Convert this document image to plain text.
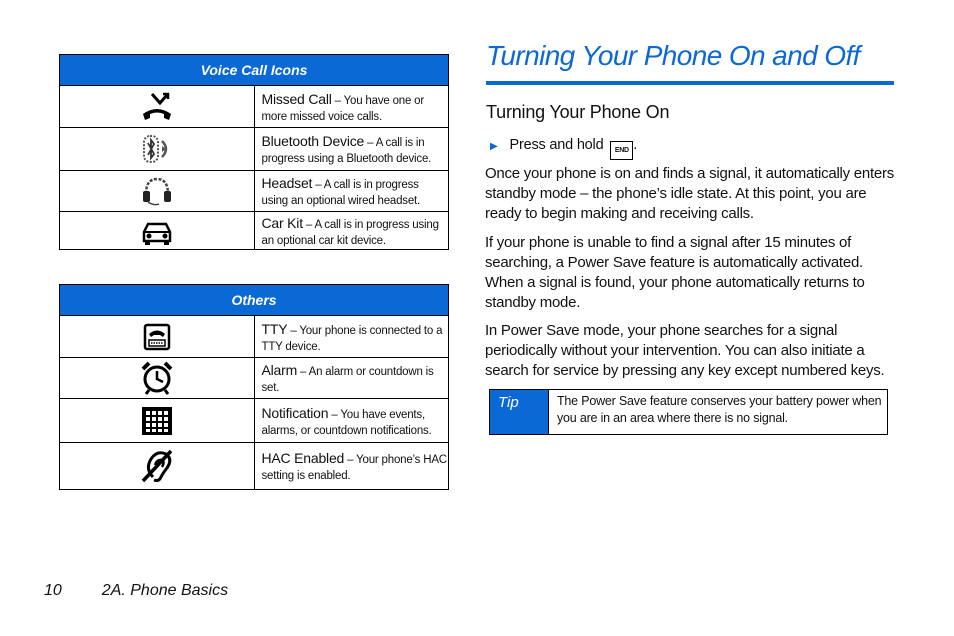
Voice Call Icons	

	Missed Call – You have one or more missed voice calls.

	Bluetooth Device – A call is in progress using a Bluetooth device.

	Headset – A call is in progress using an optional wired headset.

	Car Kit – A call is in progress using an optional car kit device.
Others	

	TTY – Your phone is connected to a TTY device.

	Alarm – An alarm or countdown is set.

	Notification – You have events, alarms, or countdown notifications.

	HAC Enabled – Your phone’s HAC setting is enabled.
Turning Your Phone On and Off
Turning Your Phone On
▶ Press and hold END .

Once your phone is on and finds a signal, it automatically enters standby mode – the phone’s idle state. At this point, you are ready to begin making and receiving calls.

If your phone is unable to find a signal after 15 minutes of searching, a Power Save feature is automatically activated. When a signal is found, your phone automatically returns to standby mode.

In Power Save mode, your phone searches for a signal periodically without your intervention. You can also initiate a search for service by pressing any key except numbered keys.

Tip	The Power Save feature conserves your battery power when you are in an area where there is no signal.
10	2A. Phone Basics
